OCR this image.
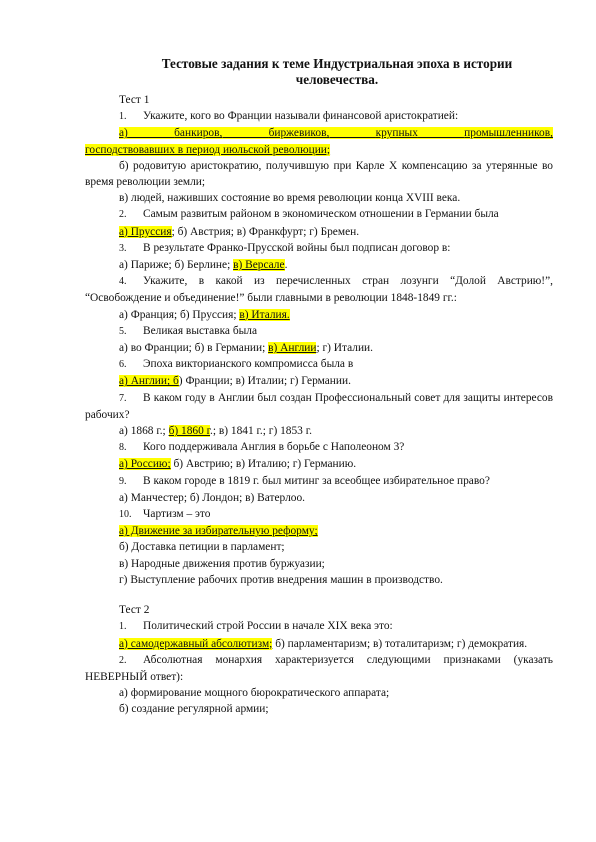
Тестовые задания к теме Индустриальная эпоха в истории
человечества.
Тест 1
1. Укажите, кого во Франции называли финансовой аристократией:
а)	банкиров,	биржевиков,	крупных	промышленников,
господствовавших в период июльской революции;
б) родовитую аристократию, получившую при Карле X компенсацию за утерянные во время революции земли;
в) людей, наживших состояние во время революции конца XVIII века.
2. Самым развитым районом в экономическом отношении в Германии была
а) Пруссия; б) Австрия; в) Франкфурт; г) Бремен.
3. В результате Франко-Прусской войны был подписан договор в:
а) Париже; б) Берлине; в) Версале.
4. Укажите, в какой из перечисленных стран лозунги “Долой Австрию!”, “Освобождение и объединение!” были главными в революции 1848-1849 гг.:
а) Франция; б) Пруссия; в) Италия.
5. Великая выставка была
а) во Франции; б) в Германии; в) Англии; г) Италии.
6. Эпоха викторианского компромисса была в
а) Англии; б) Франции; в) Италии; г) Германии.
7. В каком году в Англии был создан Профессиональный совет для защиты интересов рабочих?
а) 1868 г.; б) 1860 г.; в) 1841 г.; г) 1853 г.
8. Кого поддерживала Англия в борьбе с Наполеоном 3?
а) Россию; б) Австрию; в) Италию; г) Германию.
9. В каком городе в 1819 г. был митинг за всеобщее избирательное право?
а) Манчестер; б) Лондон; в) Ватерлоо.
10. Чартизм – это
а) Движение за избирательную реформу;
б) Доставка петиции в парламент;
в) Народные движения против буржуазии;
г) Выступление рабочих против внедрения машин в производство.
Тест 2
1. Политический строй России в начале XIX века это:
а) самодержавный абсолютизм; б) парламентаризм; в) тоталитаризм; г) демократия.
2. Абсолютная монархия характеризуется следующими признаками (указать НЕВЕРНЫЙ ответ):
а) формирование мощного бюрократического аппарата;
б) создание регулярной армии;
